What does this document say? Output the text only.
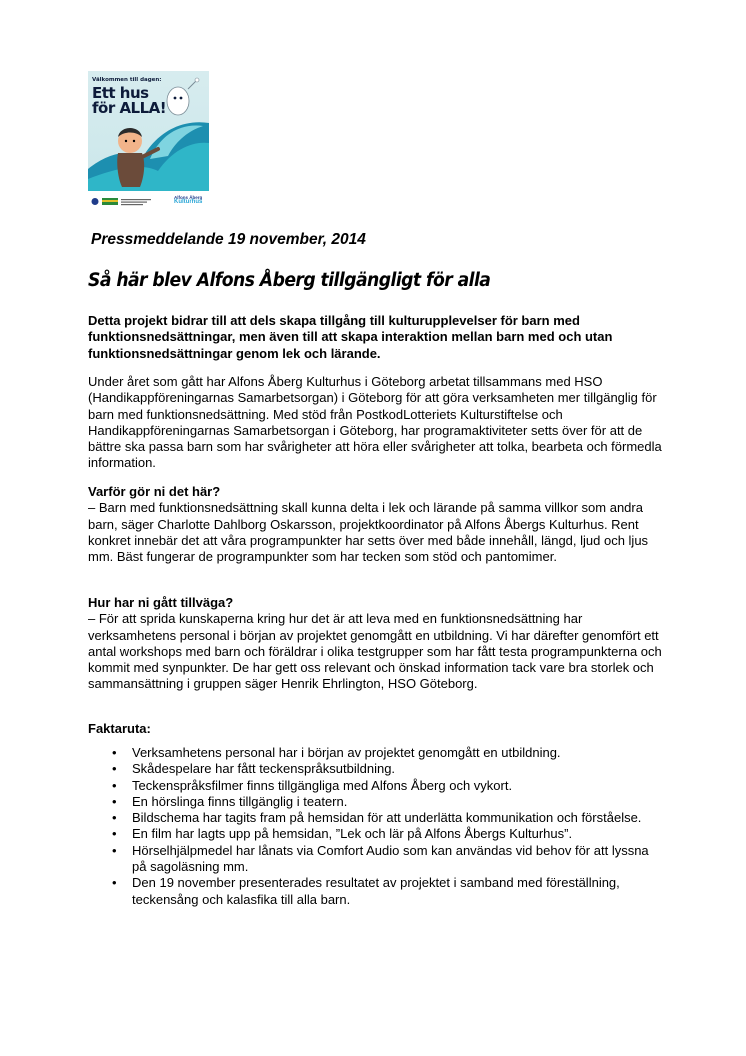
Välkommen till dagen:
Ett hus
för ALLA!
Alfons Åberg
Kulturhus
Pressmeddelande 19 november, 2014
Så här blev Alfons Åberg tillgängligt för alla

Detta projekt bidrar till att dels skapa tillgång till kulturupplevelser för barn med funktionsnedsättningar, men även till att skapa interaktion mellan barn med och utan funktionsnedsättningar genom lek och lärande.

Under året som gått har Alfons Åberg Kulturhus i Göteborg arbetat tillsammans med HSO (Handikappföreningarnas Samarbetsorgan) i Göteborg för att göra verksamheten mer tillgänglig för barn med funktionsnedsättning. Med stöd från PostkodLotteriets Kulturstiftelse och Handikappföreningarnas Samarbetsorgan i Göteborg, har programaktiviteter setts över för att de bättre ska passa barn som har svårigheter att höra eller svårigheter att tolka, bearbeta och förmedla information.

Varför gör ni det här?
– Barn med funktionsnedsättning skall kunna delta i lek och lärande på samma villkor som andra barn, säger Charlotte Dahlborg Oskarsson, projektkoordinator på Alfons Åbergs Kulturhus. Rent konkret innebär det att våra programpunkter har setts över med både innehåll, längd, ljud och ljus mm. Bäst fungerar de programpunkter som har tecken som stöd och pantomimer.

Hur har ni gått tillväga?
– För att sprida kunskaperna kring hur det är att leva med en funktionsnedsättning har verksamhetens personal i början av projektet genomgått en utbildning. Vi har därefter genomfört ett antal workshops med barn och föräldrar i olika testgrupper som har fått testa programpunkterna och kommit med synpunkter. De har gett oss relevant och önskad information tack vare bra storlek och sammansättning i gruppen säger Henrik Ehrlington, HSO Göteborg.

Faktaruta:

• Verksamhetens personal har i början av projektet genomgått en utbildning.
• Skådespelare har fått teckenspråksutbildning.
• Teckenspråksfilmer finns tillgängliga med Alfons Åberg och vykort.
• En hörslinga finns tillgänglig i teatern.
• Bildschema har tagits fram på hemsidan för att underlätta kommunikation och förståelse.
• En film har lagts upp på hemsidan, ”Lek och lär på Alfons Åbergs Kulturhus”.
• Hörselhjälpmedel har lånats via Comfort Audio som kan användas vid behov för att lyssna på sagoläsning mm.
• Den 19 november presenterades resultatet av projektet i samband med föreställning, teckensång och kalasfika till alla barn.
